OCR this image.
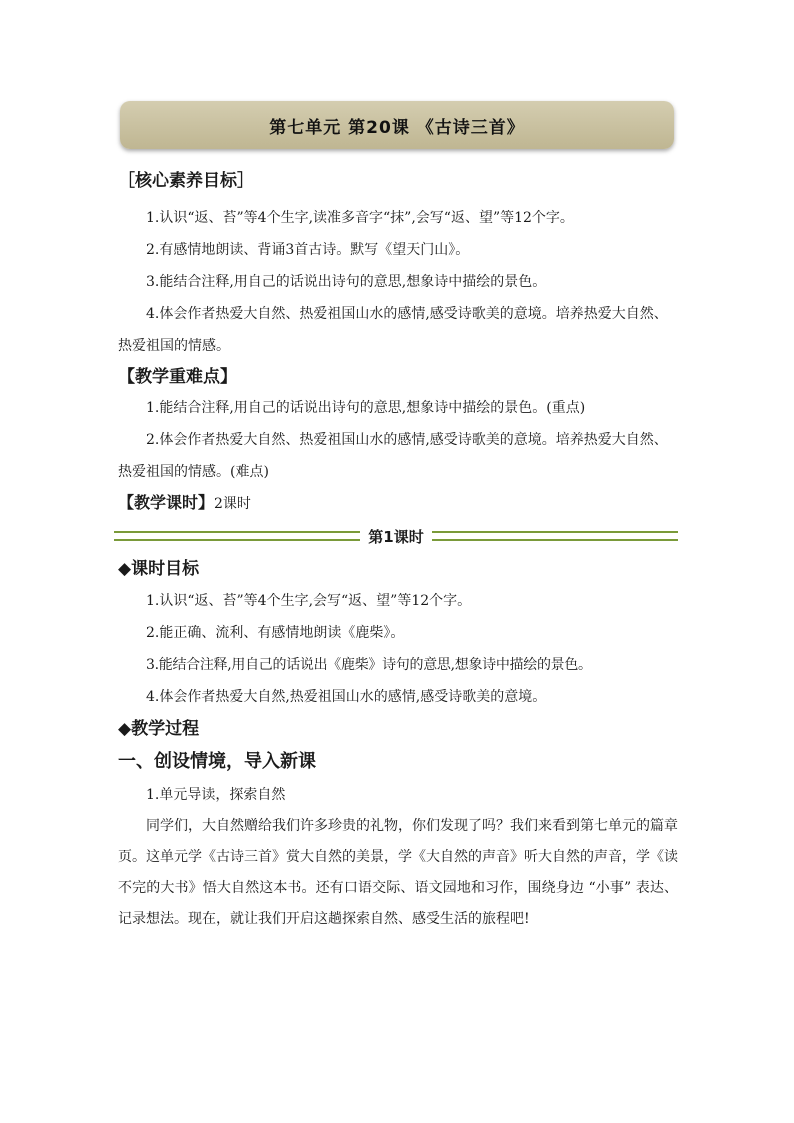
第七单元 第20课 《古诗三首》

［核心素养目标］

1.认识“返、苔”等4个生字,读准多音字“抹”,会写“返、望”等12个字。

2.有感情地朗读、背诵3首古诗。默写《望天门山》。

3.能结合注释,用自己的话说出诗句的意思,想象诗中描绘的景色。

4.体会作者热爱大自然、热爱祖国山水的感情,感受诗歌美的意境。培养热爱大自然、热爱祖国的情感。

【教学重难点】

1.能结合注释,用自己的话说出诗句的意思,想象诗中描绘的景色。(重点)

2.体会作者热爱大自然、热爱祖国山水的感情,感受诗歌美的意境。培养热爱大自然、热爱祖国的情感。(难点)

【教学课时】2课时

第1课时

◆课时目标

1.认识“返、苔”等4个生字,会写“返、望”等12个字。

2.能正确、流利、有感情地朗读《鹿柴》。

3.能结合注释,用自己的话说出《鹿柴》诗句的意思,想象诗中描绘的景色。

4.体会作者热爱大自然,热爱祖国山水的感情,感受诗歌美的意境。

◆教学过程

一、创设情境，导入新课

1.单元导读，探索自然

同学们，大自然赠给我们许多珍贵的礼物，你们发现了吗？我们来看到第七单元的篇章页。这单元学《古诗三首》赏大自然的美景，学《大自然的声音》听大自然的声音，学《读不完的大书》悟大自然这本书。还有口语交际、语文园地和习作，围绕身边 “小事” 表达、记录想法。现在，就让我们开启这趟探索自然、感受生活的旅程吧!
